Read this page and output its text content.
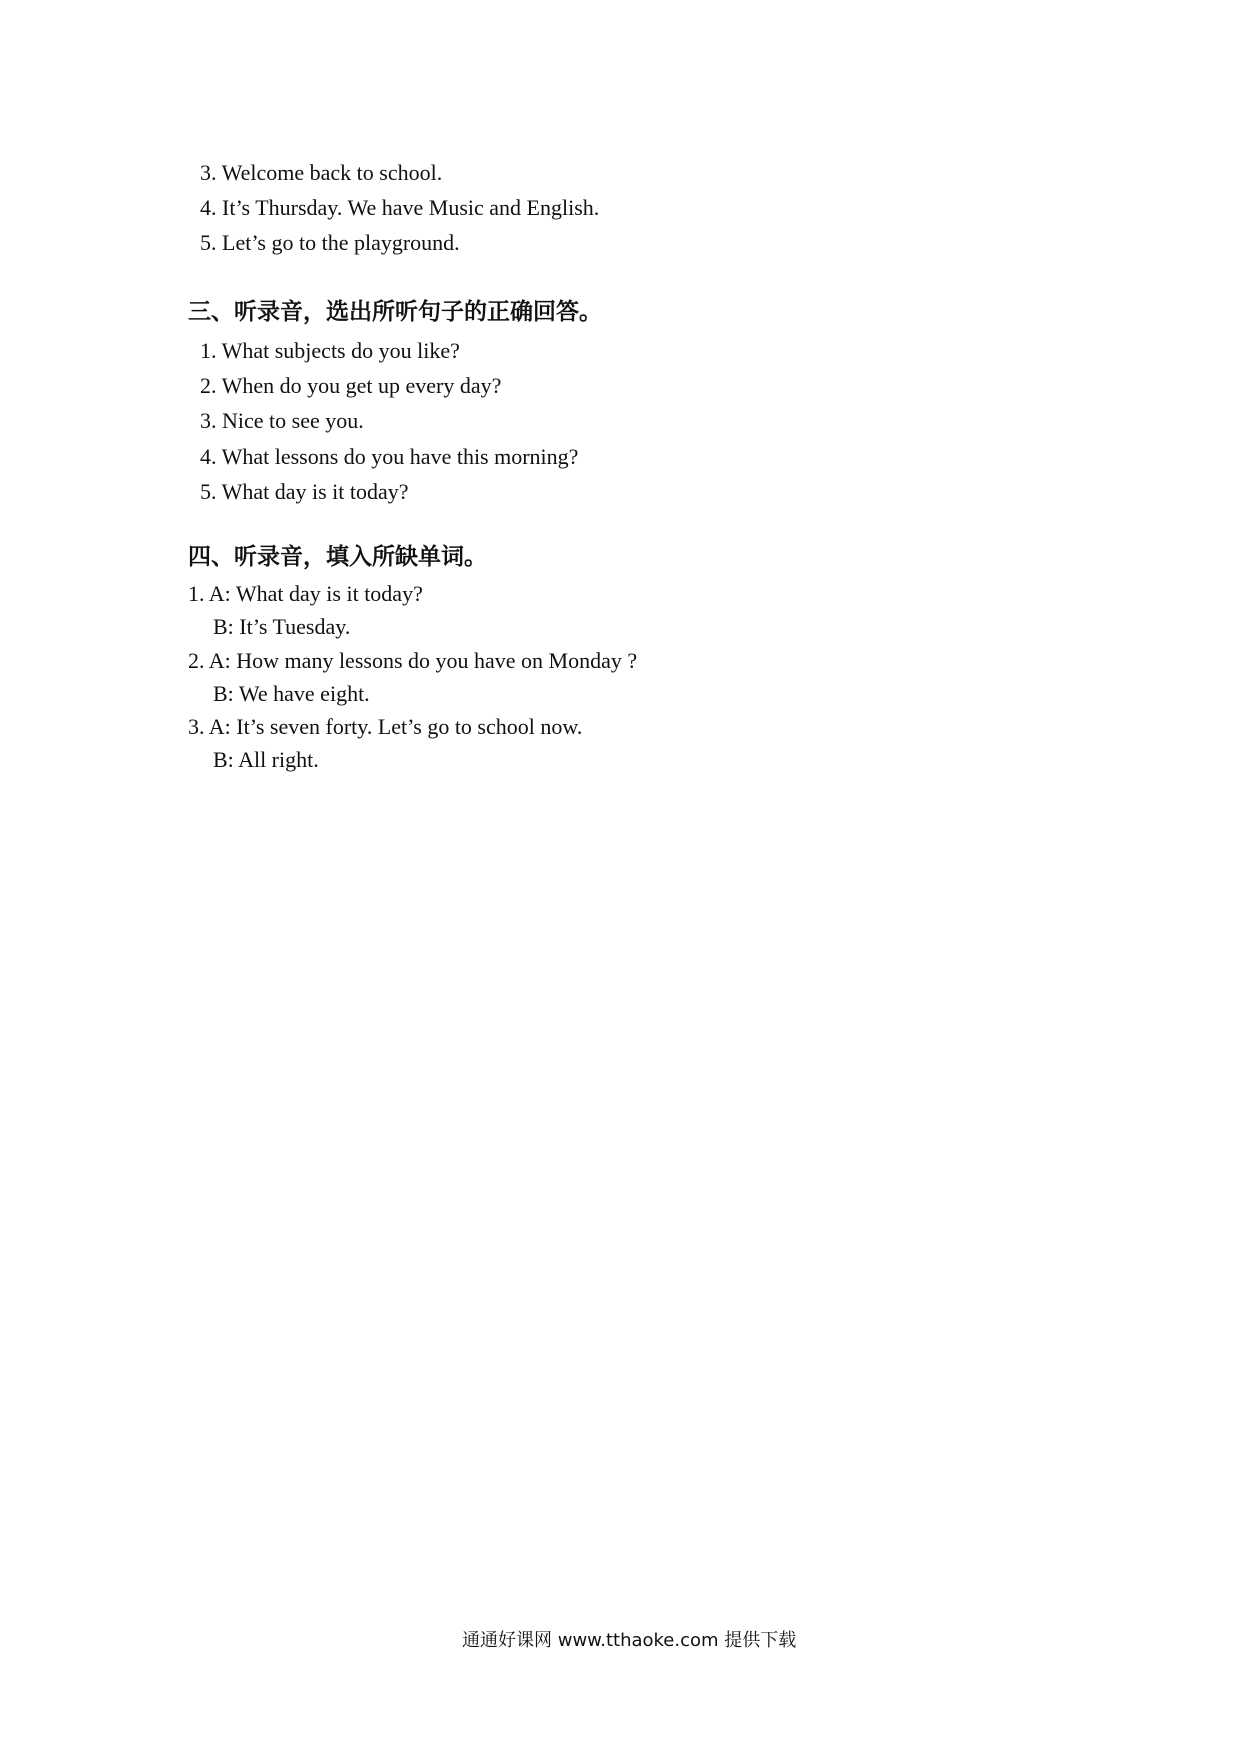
3. Welcome back to school.
4. It’s Thursday. We have Music and English.
5. Let’s go to the playground.
三、听录音，选出所听句子的正确回答。
1. What subjects do you like?
2. When do you get up every day?
3. Nice to see you.
4. What lessons do you have this morning?
5. What day is it today?
四、听录音，填入所缺单词。
1. A: What day is it today?
B: It’s Tuesday.
2. A: How many lessons do you have on Monday ?
B: We have eight.
3. A: It’s seven forty. Let’s go to school now.
B: All right.
通通好课网 www.tthaoke.com 提供下载
